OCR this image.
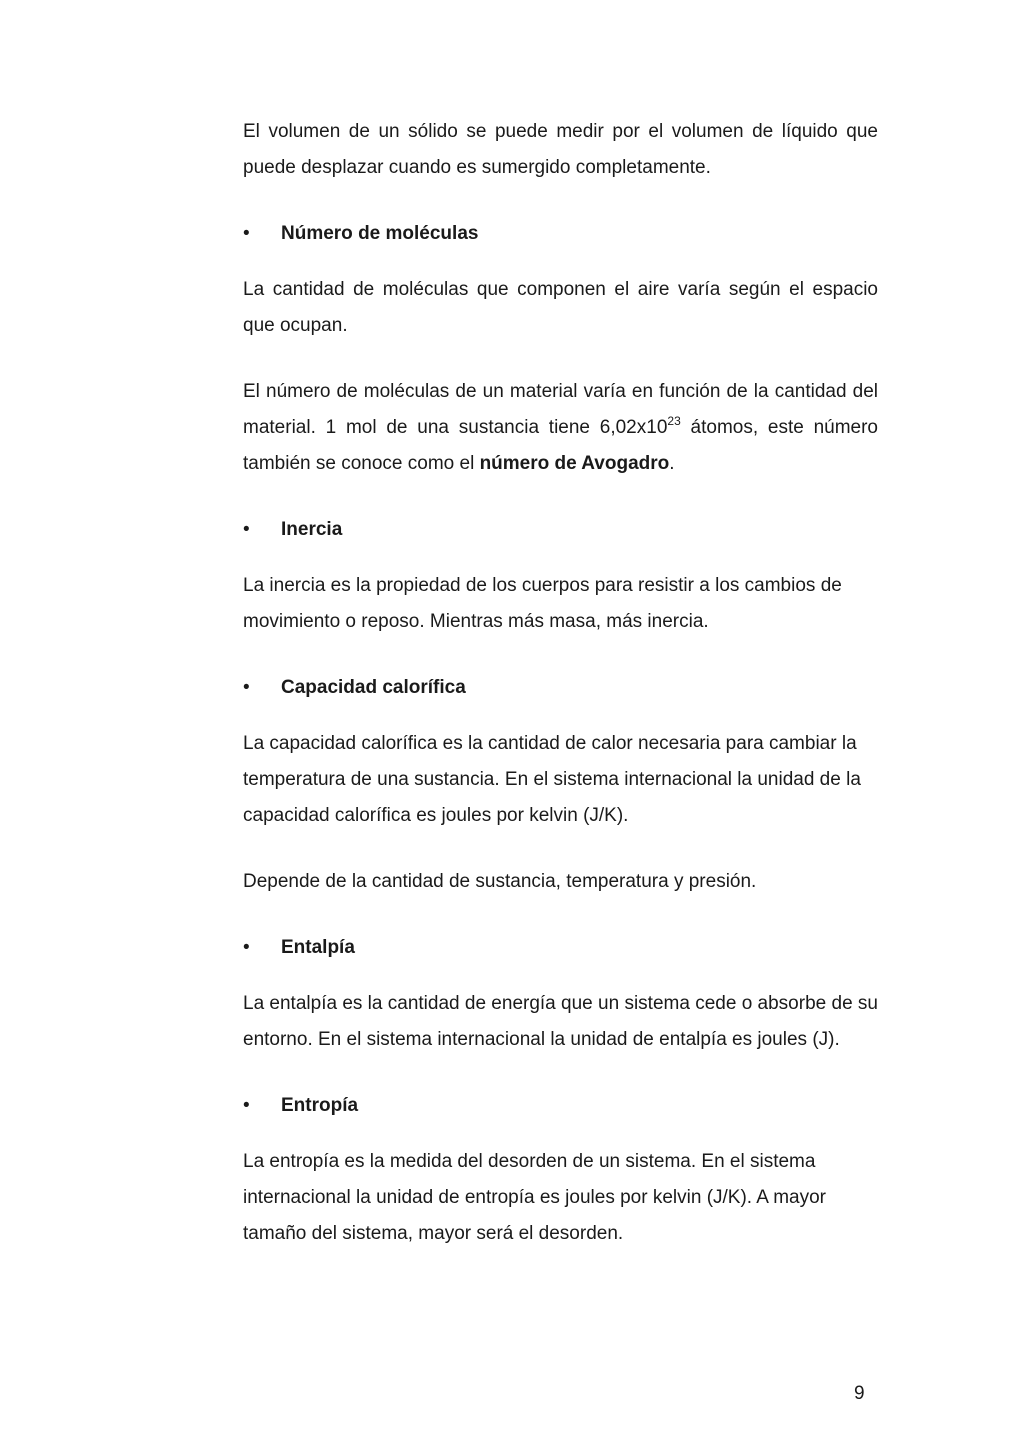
El volumen de un sólido se puede medir por el volumen de líquido que puede desplazar cuando es sumergido completamente.

•	Número de moléculas

La cantidad de moléculas que componen el aire varía según el espacio que ocupan.

El número de moléculas de un material varía en función de la cantidad del material. 1 mol de una sustancia tiene $6,02x10^{23}$ átomos, este número también se conoce como el número de Avogadro.

•	Inercia

La inercia es la propiedad de los cuerpos para resistir a los cambios de movimiento o reposo. Mientras más masa, más inercia.

•	Capacidad calorífica

La capacidad calorífica es la cantidad de calor necesaria para cambiar la temperatura de una sustancia. En el sistema internacional la unidad de la capacidad calorífica es joules por kelvin (J/K).

Depende de la cantidad de sustancia, temperatura y presión.

•	Entalpía

La entalpía es la cantidad de energía que un sistema cede o absorbe de su entorno. En el sistema internacional la unidad de entalpía es joules (J).

•	Entropía

La entropía es la medida del desorden de un sistema. En el sistema internacional la unidad de entropía es joules por kelvin (J/K). A mayor tamaño del sistema, mayor será el desorden.

9
